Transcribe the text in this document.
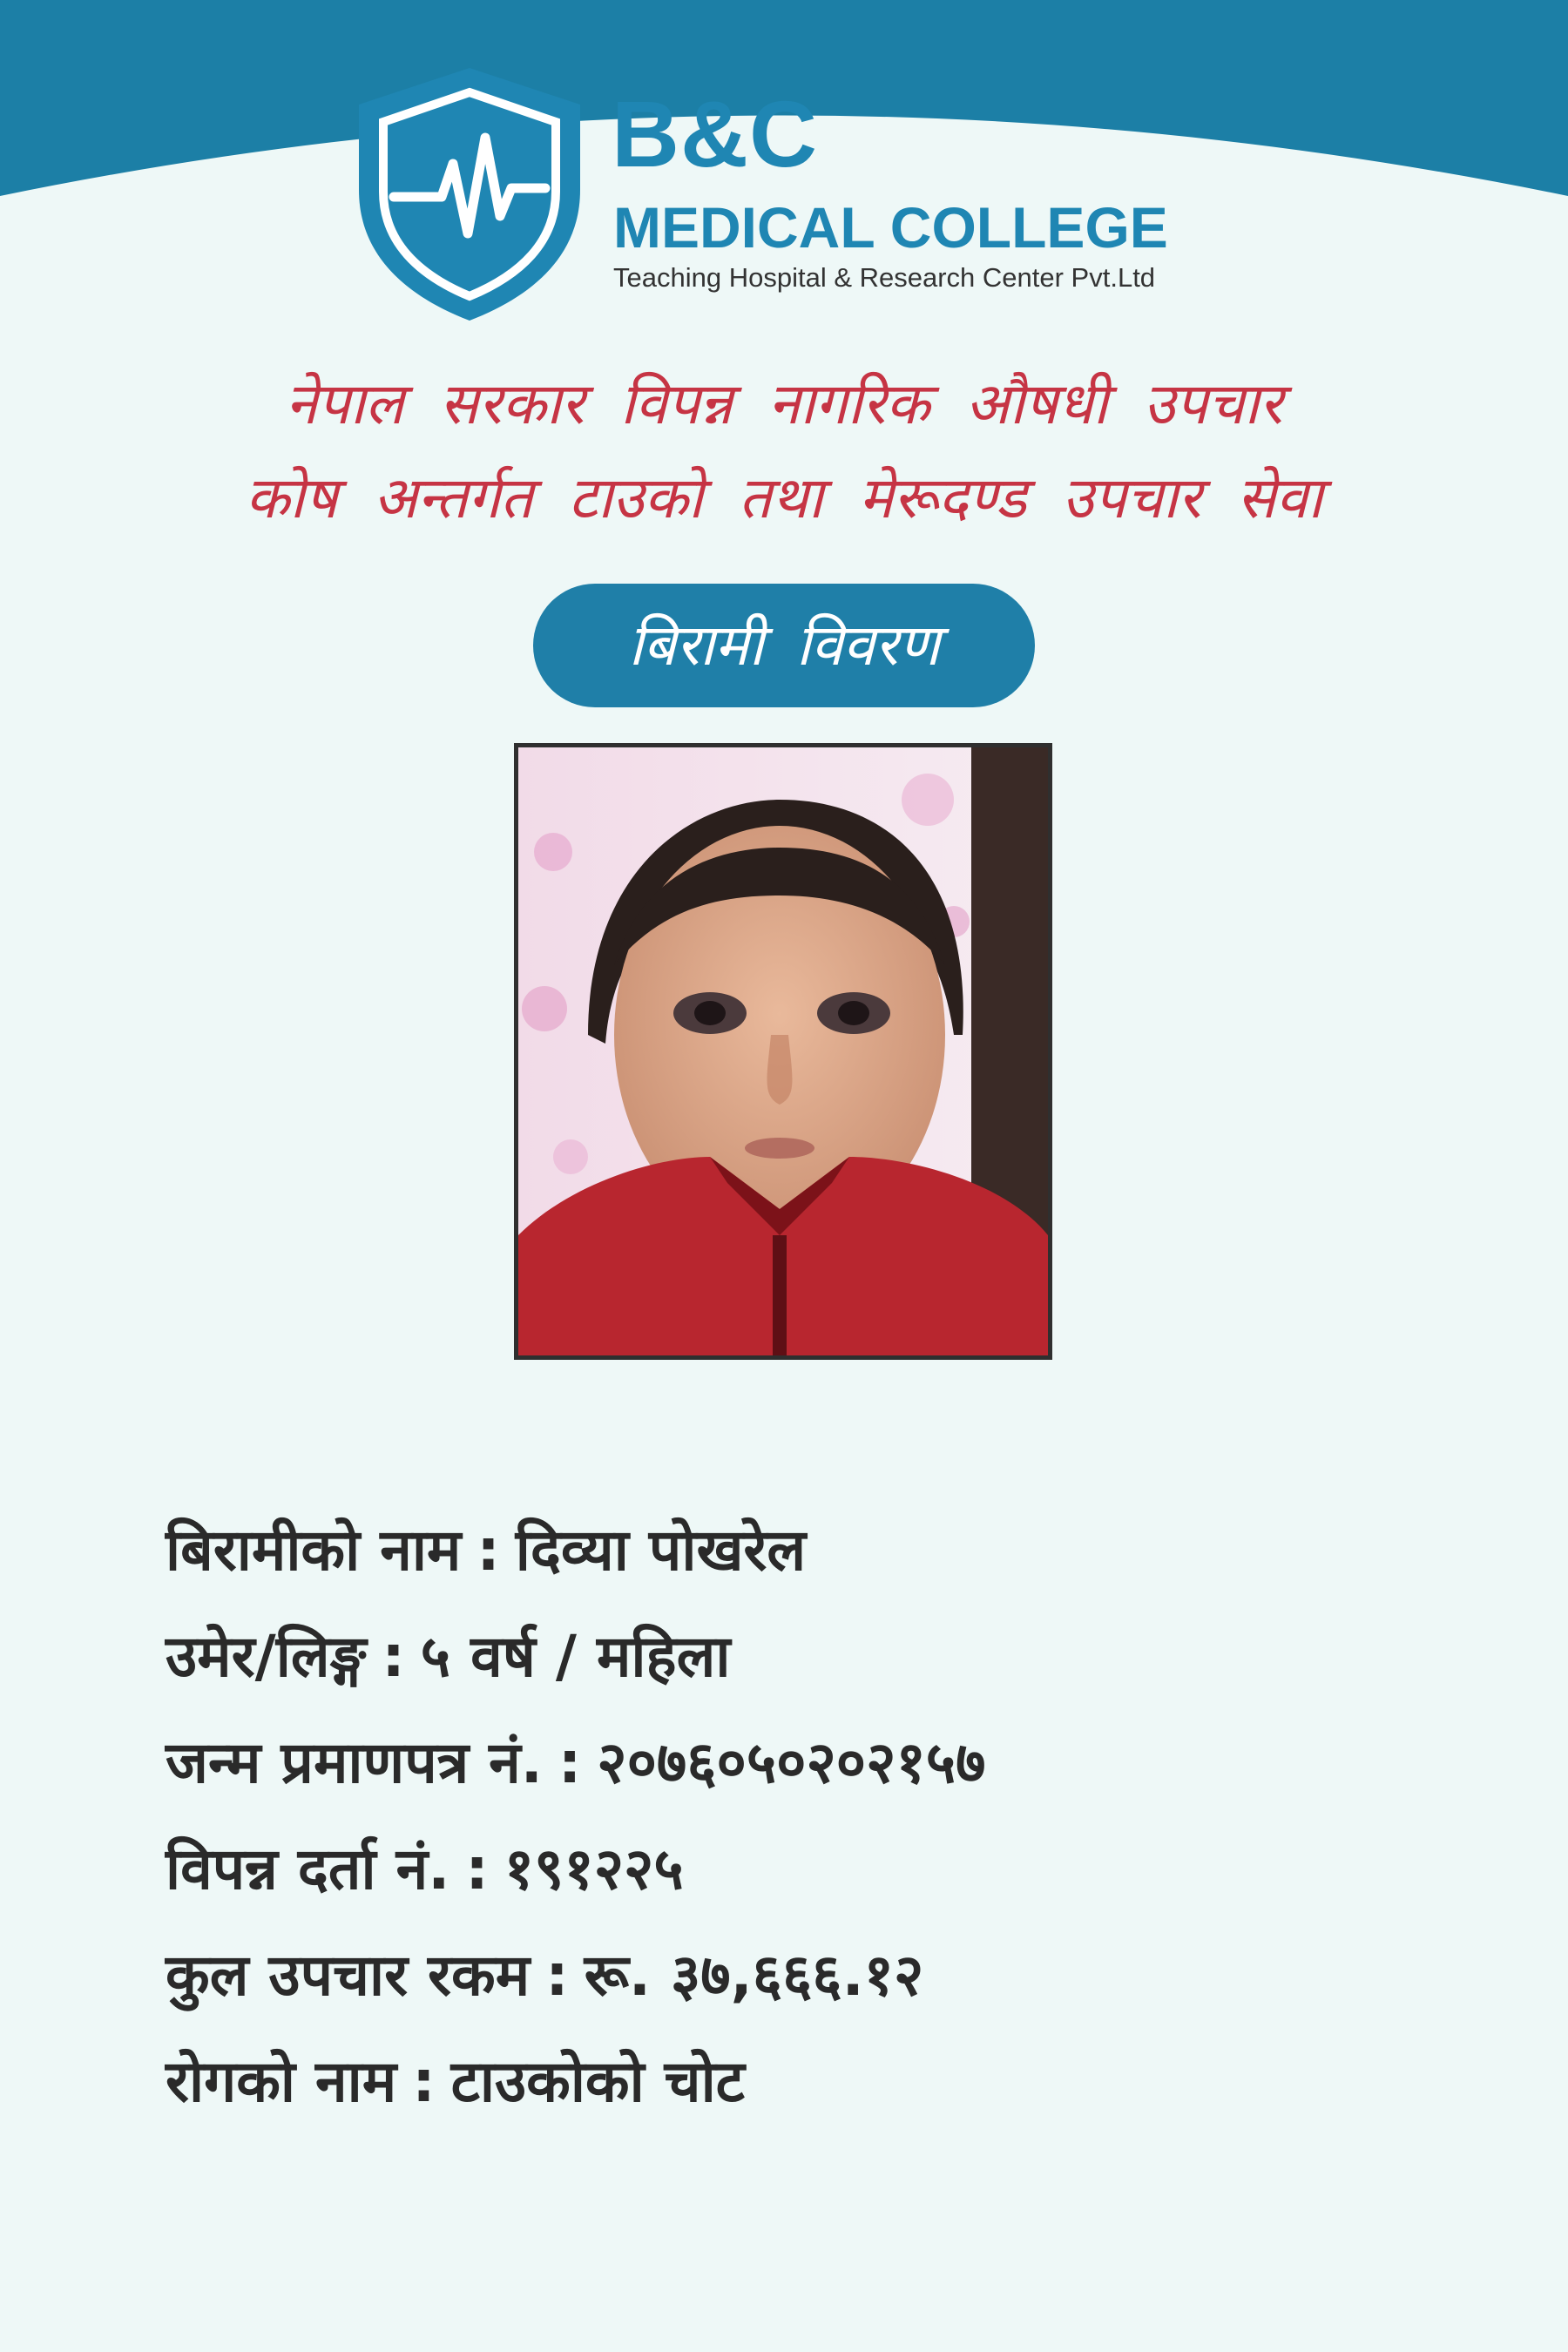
B&C
MEDICAL COLLEGE
Teaching Hospital & Research Center Pvt.Ltd
नेपाल सरकार विपन्न नागरिक औषधी उपचार
कोष अन्तर्गत टाउको तथा मेरूदण्ड उपचार सेवा
बिरामी विवरण
बिरामीको नाम : दिव्या पोखरेल
उमेर/लिङ्ग : ५ वर्ष / महिला
जन्म प्रमाणपत्र नं. : २०७६०५०२०२१५७
विपन्न दर्ता नं. : १९१२२५
कुल उपचार रकम : रू. ३७,६६६.१२
रोगको नाम : टाउकोको चोट
